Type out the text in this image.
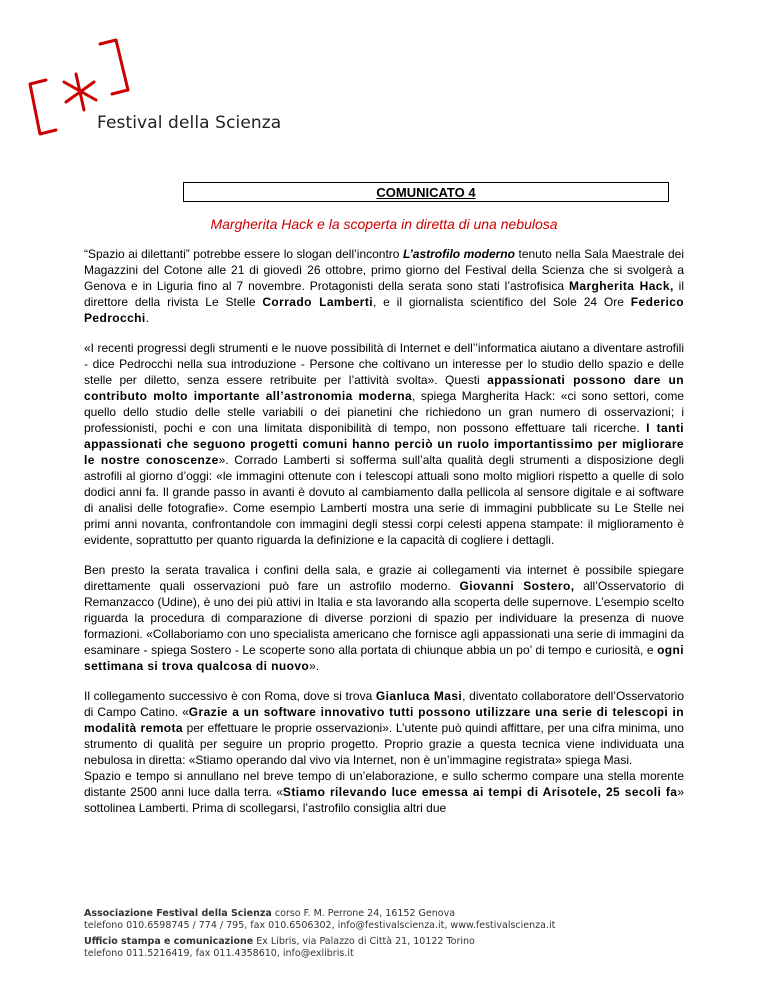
Festival della Scienza
COMUNICATO 4
Margherita Hack e la scoperta in diretta di una nebulosa

“Spazio ai dilettanti” potrebbe essere lo slogan dell’incontro L’astrofilo moderno tenuto nella Sala Maestrale dei Magazzini del Cotone alle 21 di giovedì 26 ottobre, primo giorno del Festival della Scienza che si svolgerà a Genova e in Liguria fino al 7 novembre. Protagonisti della serata sono stati l’astrofisica Margherita Hack, il direttore della rivista Le Stelle Corrado Lamberti, e il giornalista scientifico del Sole 24 Ore Federico Pedrocchi.

«I recenti progressi degli strumenti e le nuove possibilità di Internet e dell’’informatica aiutano a diventare astrofili - dice Pedrocchi nella sua introduzione - Persone che coltivano un interesse per lo studio dello spazio e delle stelle per diletto, senza essere retribuite per l’attività svolta». Questi appassionati possono dare un contributo molto importante all’astronomia moderna, spiega Margherita Hack: «ci sono settori, come quello dello studio delle stelle variabili o dei pianetini che richiedono un gran numero di osservazioni; i professionisti, pochi e con una limitata disponibilità di tempo, non possono effettuare tali ricerche. I tanti appassionati che seguono progetti comuni hanno perciò un ruolo importantissimo per migliorare le nostre conoscenze». Corrado Lamberti si sofferma sull’alta qualità degli strumenti a disposizione degli astrofili al giorno d’oggi: «le immagini ottenute con i telescopi attuali sono molto migliori rispetto a quelle di solo dodici anni fa. Il grande passo in avanti è dovuto al cambiamento dalla pellicola al sensore digitale e ai software di analisi delle fotografie». Come esempio Lamberti mostra una serie di immagini pubblicate su Le Stelle nei primi anni novanta, confrontandole con immagini degli stessi corpi celesti appena stampate: il miglioramento è evidente, soprattutto per quanto riguarda la definizione e la capacità di cogliere i dettagli.

Ben presto la serata travalica i confini della sala, e grazie ai collegamenti via internet è possibile spiegare direttamente quali osservazioni può fare un astrofilo moderno. Giovanni Sostero, all’Osservatorio di Remanzacco (Udine), è uno dei più attivi in Italia e sta lavorando alla scoperta delle supernove. L’esempio scelto riguarda la procedura di comparazione di diverse porzioni di spazio per individuare la presenza di nuove formazioni. «Collaboriamo con uno specialista americano che fornisce agli appassionati una serie di immagini da esaminare - spiega Sostero - Le scoperte sono alla portata di chiunque abbia un po’ di tempo e curiosità, e ogni settimana si trova qualcosa di nuovo».

Il collegamento successivo è con Roma, dove si trova Gianluca Masi, diventato collaboratore dell’Osservatorio di Campo Catino. «Grazie a un software innovativo tutti possono utilizzare una serie di telescopi in modalità remota per effettuare le proprie osservazioni». L’utente può quindi affittare, per una cifra minima, uno strumento di qualità per seguire un proprio progetto. Proprio grazie a questa tecnica viene individuata una nebulosa in diretta: «Stiamo operando dal vivo via Internet, non è un’immagine registrata» spiega Masi.

Spazio e tempo si annullano nel breve tempo di un’elaborazione, e sullo schermo compare una stella morente distante 2500 anni luce dalla terra. «Stiamo rilevando luce emessa ai tempi di Arisotele, 25 secoli fa» sottolinea Lamberti. Prima di scollegarsi, l’astrofilo consiglia altri due

Associazione Festival della Scienza corso F. M. Perrone 24, 16152 Genova
telefono 010.6598745 / 774 / 795, fax 010.6506302, info@festivalscienza.it, www.festivalscienza.it

Ufficio stampa e comunicazione Ex Libris, via Palazzo di Città 21, 10122 Torino
telefono 011.5216419, fax 011.4358610, info@exlibris.it
